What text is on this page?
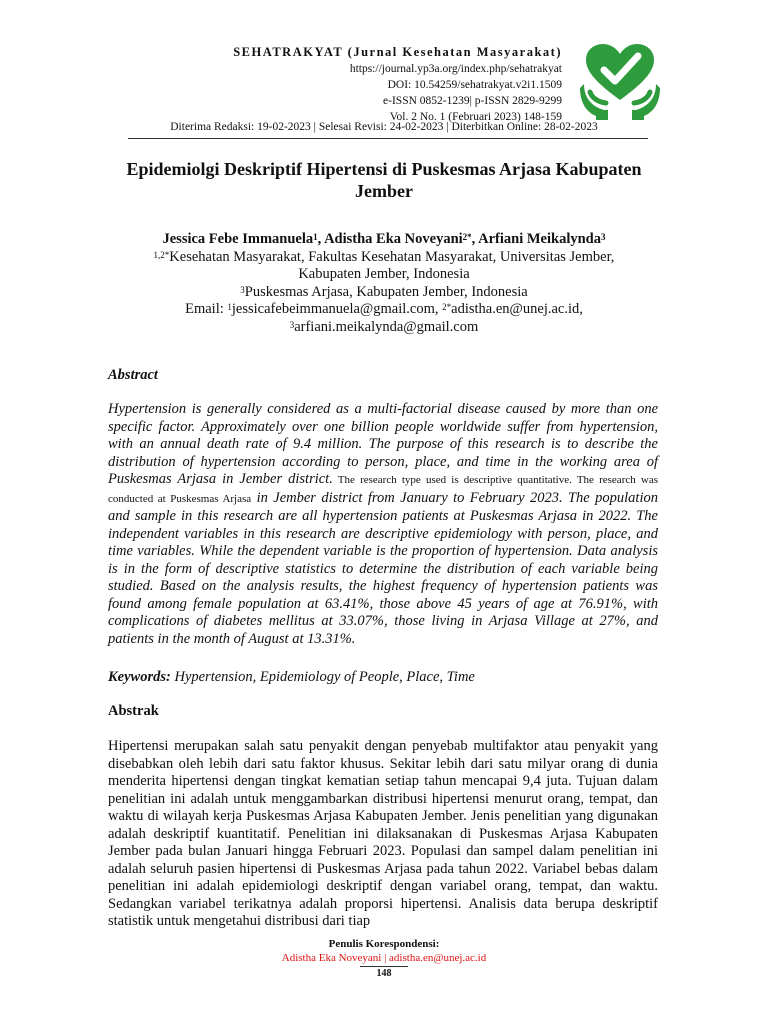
SEHATRAKYAT (Jurnal Kesehatan Masyarakat)
https://journal.yp3a.org/index.php/sehatrakyat
DOI: 10.54259/sehatrakyat.v2i1.1509
e-ISSN 0852-1239| p-ISSN 2829-9299
Vol. 2 No. 1 (Februari 2023) 148-159
Diterima Redaksi: 19-02-2023 | Selesai Revisi: 24-02-2023 | Diterbitkan Online: 28-02-2023
Epidemiolgi Deskriptif Hipertensi di Puskesmas Arjasa Kabupaten Jember
Jessica Febe Immanuela$^1$, Adistha Eka Noveyani$^{2*}$, Arfiani Meikalynda$^3$
$^{1,2*}$Kesehatan Masyarakat, Fakultas Kesehatan Masyarakat, Universitas Jember,
Kabupaten Jember, Indonesia
$^3$Puskesmas Arjasa, Kabupaten Jember, Indonesia
Email: $^1$jessicafebeimmanuela@gmail.com, $^{2*}$adistha.en@unej.ac.id,
$^3$arfiani.meikalynda@gmail.com
Abstract
Hypertension is generally considered as a multi-factorial disease caused by more than one specific factor. Approximately over one billion people worldwide suffer from hypertension, with an annual death rate of 9.4 million. The purpose of this research is to describe the distribution of hypertension according to person, place, and time in the working area of Puskesmas Arjasa in Jember district. The research type used is descriptive quantitative. The research was conducted at Puskesmas Arjasa in Jember district from January to February 2023. The population and sample in this research are all hypertension patients at Puskesmas Arjasa in 2022. The independent variables in this research are descriptive epidemiology with person, place, and time variables. While the dependent variable is the proportion of hypertension. Data analysis is in the form of descriptive statistics to determine the distribution of each variable being studied. Based on the analysis results, the highest frequency of hypertension patients was found among female population at 63.41%, those above 45 years of age at 76.91%, with complications of diabetes mellitus at 33.07%, those living in Arjasa Village at 27%, and patients in the month of August at 13.31%.
Keywords: Hypertension, Epidemiology of People, Place, Time
Abstrak
Hipertensi merupakan salah satu penyakit dengan penyebab multifaktor atau penyakit yang disebabkan oleh lebih dari satu faktor khusus. Sekitar lebih dari satu milyar orang di dunia menderita hipertensi dengan tingkat kematian setiap tahun mencapai 9,4 juta. Tujuan dalam penelitian ini adalah untuk menggambarkan distribusi hipertensi menurut orang, tempat, dan waktu di wilayah kerja Puskesmas Arjasa Kabupaten Jember. Jenis penelitian yang digunakan adalah deskriptif kuantitatif. Penelitian ini dilaksanakan di Puskesmas Arjasa Kabupaten Jember pada bulan Januari hingga Februari 2023. Populasi dan sampel dalam penelitian ini adalah seluruh pasien hipertensi di Puskesmas Arjasa pada tahun 2022. Variabel bebas dalam penelitian ini adalah epidemiologi deskriptif dengan variabel orang, tempat, dan waktu. Sedangkan variabel terikatnya adalah proporsi hipertensi. Analisis data berupa deskriptif statistik untuk mengetahui distribusi dari tiap
Penulis Korespondensi:
Adistha Eka Noveyani | adistha.en@unej.ac.id
148
